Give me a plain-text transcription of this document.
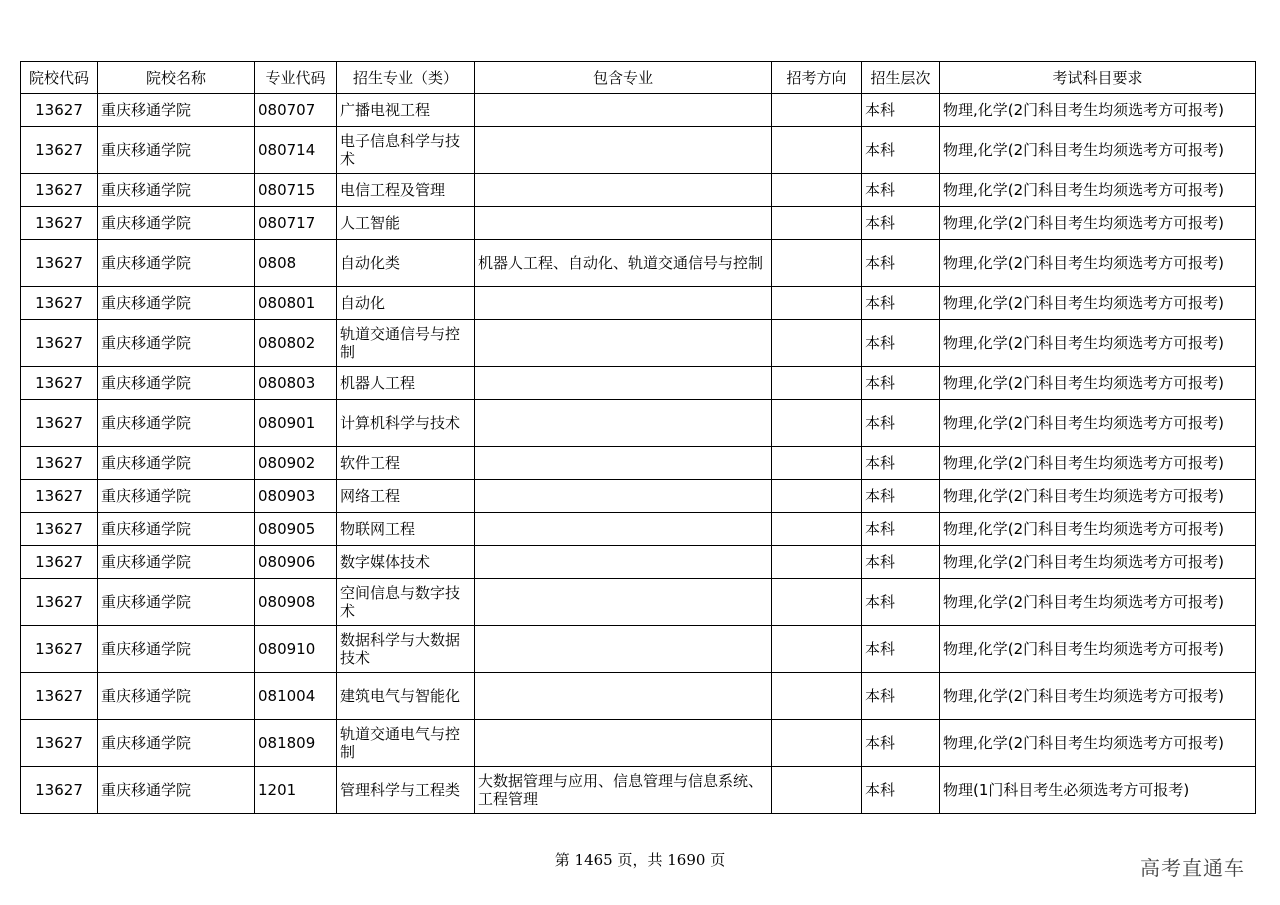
院校代码	院校名称	专业代码	招生专业（类）	包含专业	招考方向	招生层次	考试科目要求
13627	重庆移通学院	080707	广播电视工程			本科	物理,化学(2门科目考生均须选考方可报考)
13627	重庆移通学院	080714	电子信息科学与技术			本科	物理,化学(2门科目考生均须选考方可报考)
13627	重庆移通学院	080715	电信工程及管理			本科	物理,化学(2门科目考生均须选考方可报考)
13627	重庆移通学院	080717	人工智能			本科	物理,化学(2门科目考生均须选考方可报考)
13627	重庆移通学院	0808	自动化类	机器人工程、自动化、轨道交通信号与控制		本科	物理,化学(2门科目考生均须选考方可报考)
13627	重庆移通学院	080801	自动化			本科	物理,化学(2门科目考生均须选考方可报考)
13627	重庆移通学院	080802	轨道交通信号与控制			本科	物理,化学(2门科目考生均须选考方可报考)
13627	重庆移通学院	080803	机器人工程			本科	物理,化学(2门科目考生均须选考方可报考)
13627	重庆移通学院	080901	计算机科学与技术			本科	物理,化学(2门科目考生均须选考方可报考)
13627	重庆移通学院	080902	软件工程			本科	物理,化学(2门科目考生均须选考方可报考)
13627	重庆移通学院	080903	网络工程			本科	物理,化学(2门科目考生均须选考方可报考)
13627	重庆移通学院	080905	物联网工程			本科	物理,化学(2门科目考生均须选考方可报考)
13627	重庆移通学院	080906	数字媒体技术			本科	物理,化学(2门科目考生均须选考方可报考)
13627	重庆移通学院	080908	空间信息与数字技术			本科	物理,化学(2门科目考生均须选考方可报考)
13627	重庆移通学院	080910	数据科学与大数据技术			本科	物理,化学(2门科目考生均须选考方可报考)
13627	重庆移通学院	081004	建筑电气与智能化			本科	物理,化学(2门科目考生均须选考方可报考)
13627	重庆移通学院	081809	轨道交通电气与控制			本科	物理,化学(2门科目考生均须选考方可报考)
13627	重庆移通学院	1201	管理科学与工程类	大数据管理与应用、信息管理与信息系统、工程管理		本科	物理(1门科目考生必须选考方可报考)
第 1465 页，共 1690 页	高考直通车
